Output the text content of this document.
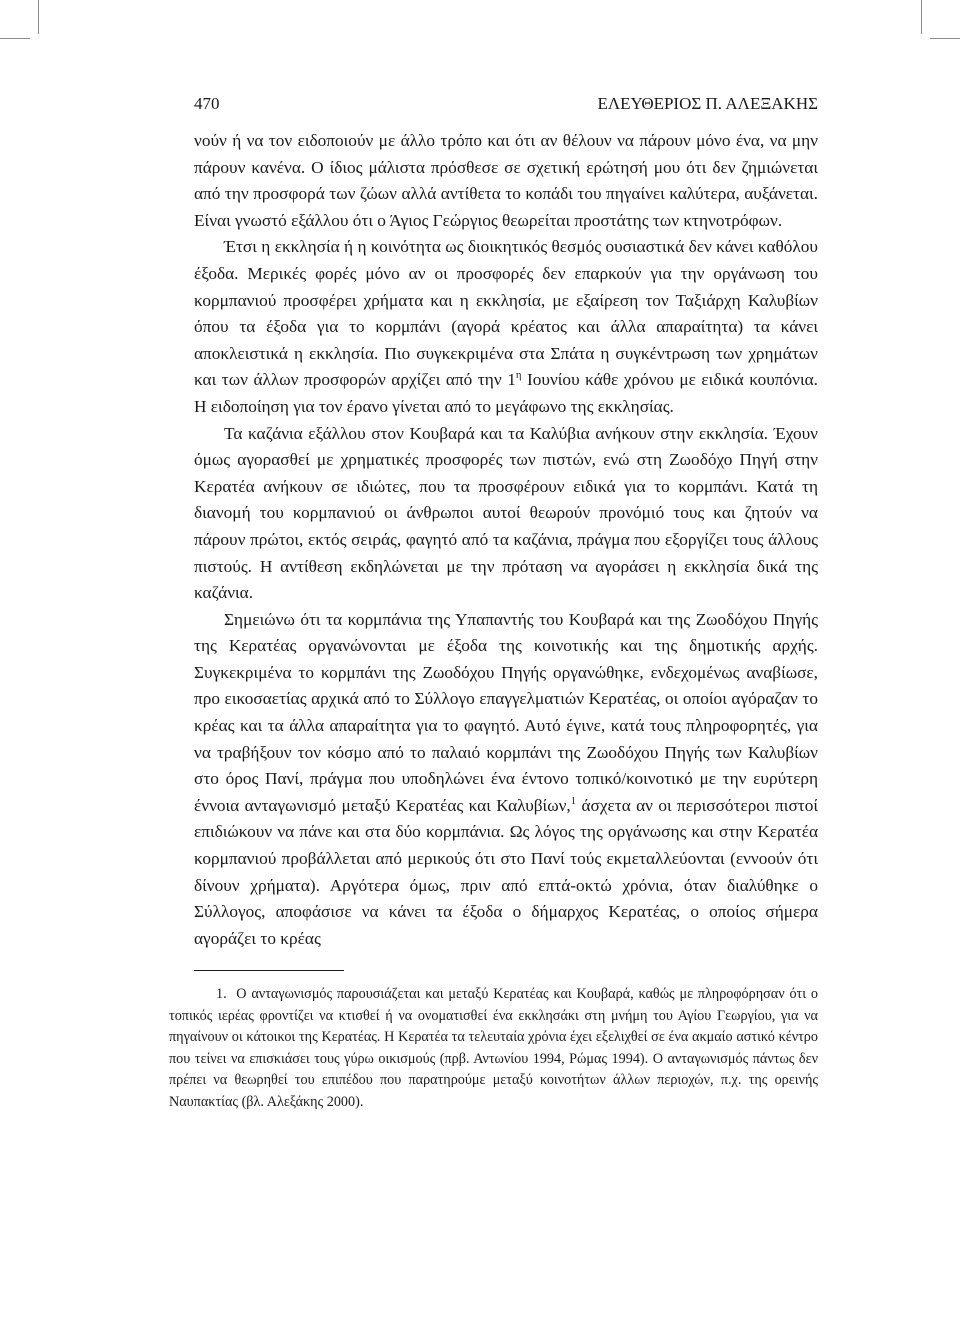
470	ΕΛΕΥΘΕΡΙΟΣ Π. ΑΛΕΞΑΚΗΣ

νούν ή να τον ειδοποιούν με άλλο τρόπο και ότι αν θέλουν να πάρουν μόνο ένα, να μην πάρουν κανένα. Ο ίδιος μάλιστα πρόσθεσε σε σχετική ερώτησή μου ότι δεν ζημιώνεται από την προσφορά των ζώων αλλά αντίθετα το κοπάδι του πηγαίνει καλύτερα, αυξάνεται. Είναι γνωστό εξάλλου ότι ο Άγιος Γεώργιος θεωρείται προστάτης των κτηνοτρόφων.

Έτσι η εκκλησία ή η κοινότητα ως διοικητικός θεσμός ουσιαστικά δεν κάνει καθόλου έξοδα. Μερικές φορές μόνο αν οι προσφορές δεν επαρκούν για την οργάνωση του κορμπανιού προσφέρει χρήματα και η εκκλησία, με εξαίρεση τον Ταξιάρχη Καλυβίων όπου τα έξοδα για το κορμπάνι (αγορά κρέατος και άλλα απαραίτητα) τα κάνει αποκλειστικά η εκκλησία. Πιο συγκεκριμένα στα Σπάτα η συγκέντρωση των χρημάτων και των άλλων προσφορών αρχίζει από την $1^\eta$ Ιουνίου κάθε χρόνου με ειδικά κουπόνια. Η ειδοποίηση για τον έρανο γίνεται από το μεγάφωνο της εκκλησίας.

Τα καζάνια εξάλλου στον Κουβαρά και τα Καλύβια ανήκουν στην εκκλησία. Έχουν όμως αγορασθεί με χρηματικές προσφορές των πιστών, ενώ στη Ζωοδόχο Πηγή στην Κερατέα ανήκουν σε ιδιώτες, που τα προσφέρουν ειδικά για το κορμπάνι. Κατά τη διανομή του κορμπανιού οι άνθρωποι αυτοί θεωρούν προνόμιό τους και ζητούν να πάρουν πρώτοι, εκτός σειράς, φαγητό από τα καζάνια, πράγμα που εξοργίζει τους άλλους πιστούς. Η αντίθεση εκδηλώνεται με την πρόταση να αγοράσει η εκκλησία δικά της καζάνια.

Σημειώνω ότι τα κορμπάνια της Υπαπαντής του Κουβαρά και της Ζωοδόχου Πηγής της Κερατέας οργανώνονται με έξοδα της κοινοτικής και της δημοτικής αρχής. Συγκεκριμένα το κορμπάνι της Ζωοδόχου Πηγής οργανώθηκε, ενδεχομένως αναβίωσε, προ εικοσαετίας αρχικά από το Σύλλογο επαγγελματιών Κερατέας, οι οποίοι αγόραζαν το κρέας και τα άλλα απαραίτητα για το φαγητό. Αυτό έγινε, κατά τους πληροφορητές, για να τραβήξουν τον κόσμο από το παλαιό κορμπάνι της Ζωοδόχου Πηγής των Καλυβίων στο όρος Πανί, πράγμα που υποδηλώνει ένα έντονο τοπικό/κοινοτικό με την ευρύτερη έννοια ανταγωνισμό μεταξύ Κερατέας και Καλυβίων,$^1$ άσχετα αν οι περισσότεροι πιστοί επιδιώκουν να πάνε και στα δύο κορμπάνια. Ως λόγος της οργάνωσης και στην Κερατέα κορμπανιού προβάλλεται από μερικούς ότι στο Πανί τούς εκμεταλλεύονται (εννοούν ότι δίνουν χρήματα). Αργότερα όμως, πριν από επτά-οκτώ χρόνια, όταν διαλύθηκε ο Σύλλογος, αποφάσισε να κάνει τα έξοδα ο δήμαρχος Κερατέας, ο οποίος σήμερα αγοράζει το κρέας

1. Ο ανταγωνισμός παρουσιάζεται και μεταξύ Κερατέας και Κουβαρά, καθώς με πληροφόρησαν ότι ο τοπικός ιερέας φροντίζει να κτισθεί ή να ονοματισθεί ένα εκκλησάκι στη μνήμη του Αγίου Γεωργίου, για να πηγαίνουν οι κάτοικοι της Κερατέας. Η Κερατέα τα τελευταία χρόνια έχει εξελιχθεί σε ένα ακμαίο αστικό κέντρο που τείνει να επισκιάσει τους γύρω οικισμούς (πρβ. Αντωνίου 1994, Ρώμας 1994). Ο ανταγωνισμός πάντως δεν πρέπει να θεωρηθεί του επιπέδου που παρατηρούμε μεταξύ κοινοτήτων άλλων περιοχών, π.χ. της ορεινής Ναυπακτίας (βλ. Αλεξάκης 2000).
